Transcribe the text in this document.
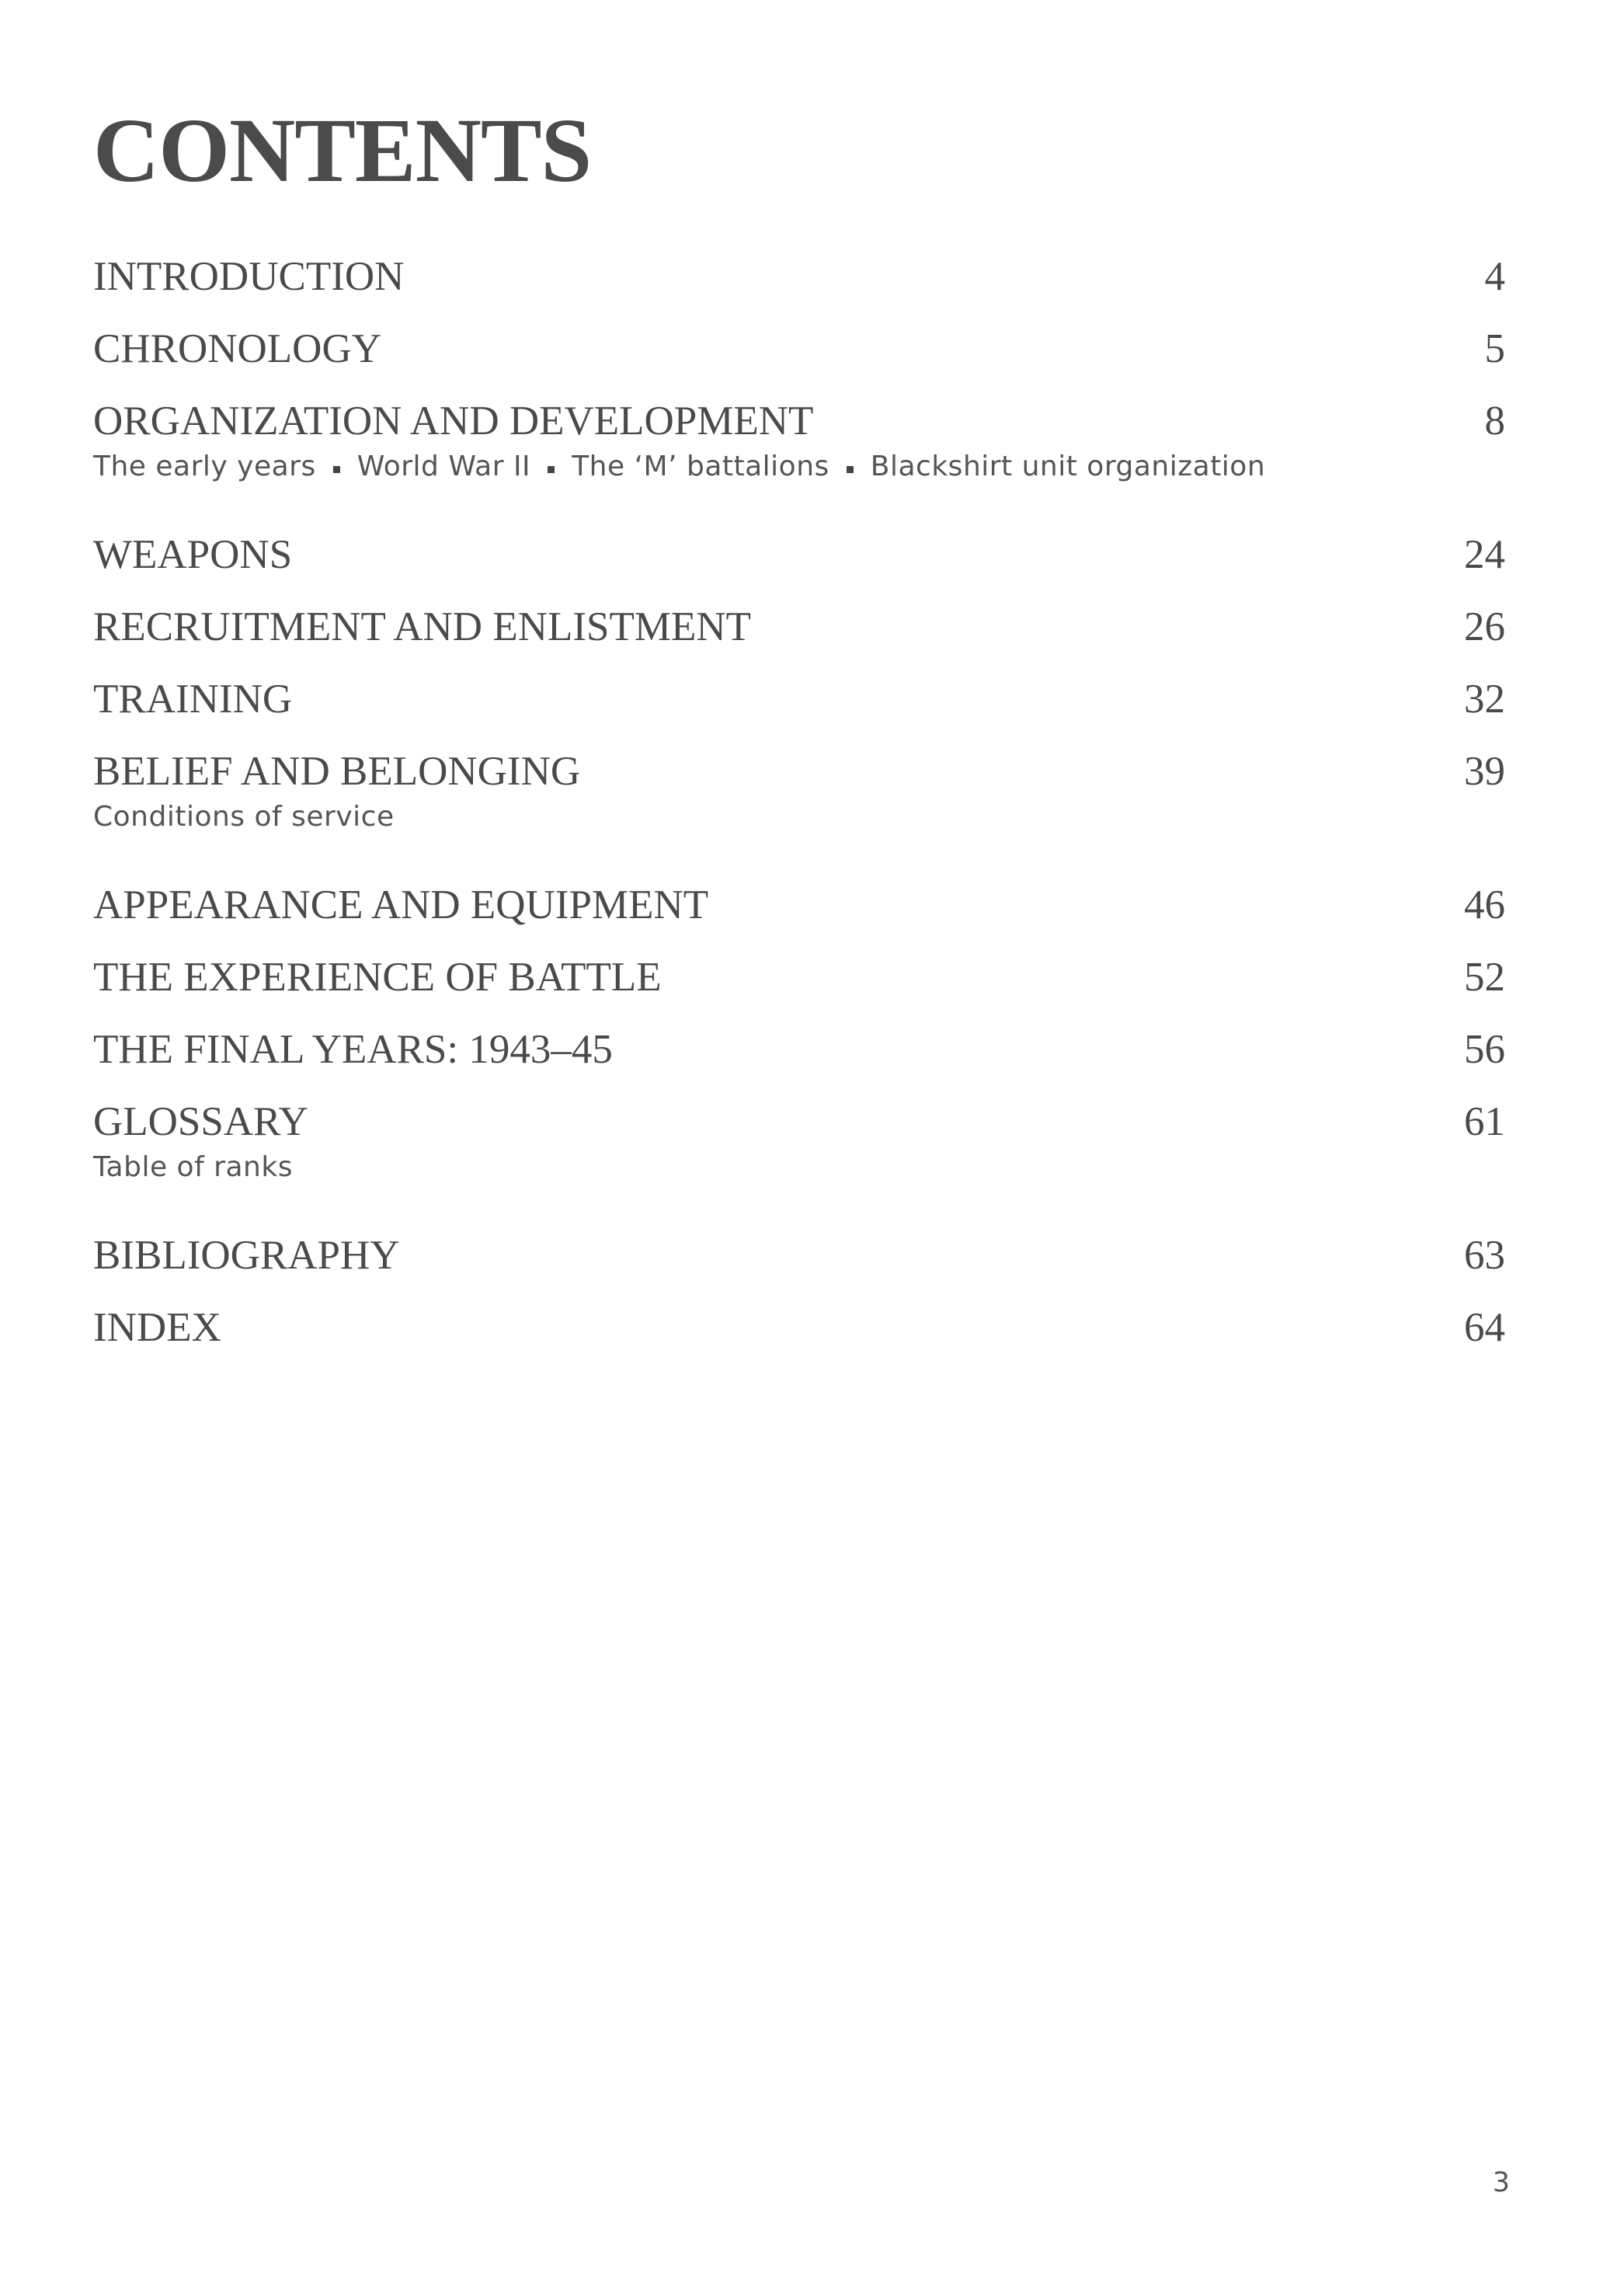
CONTENTS
INTRODUCTION	4
CHRONOLOGY	5
ORGANIZATION AND DEVELOPMENT	8
The early years World War II The ‘M’ battalions Blackshirt unit organization
WEAPONS	24
RECRUITMENT AND ENLISTMENT	26
TRAINING	32
BELIEF AND BELONGING	39
Conditions of service
APPEARANCE AND EQUIPMENT	46
THE EXPERIENCE OF BATTLE	52
THE FINAL YEARS: 1943–45	56
GLOSSARY	61
Table of ranks
BIBLIOGRAPHY	63
INDEX	64
3
